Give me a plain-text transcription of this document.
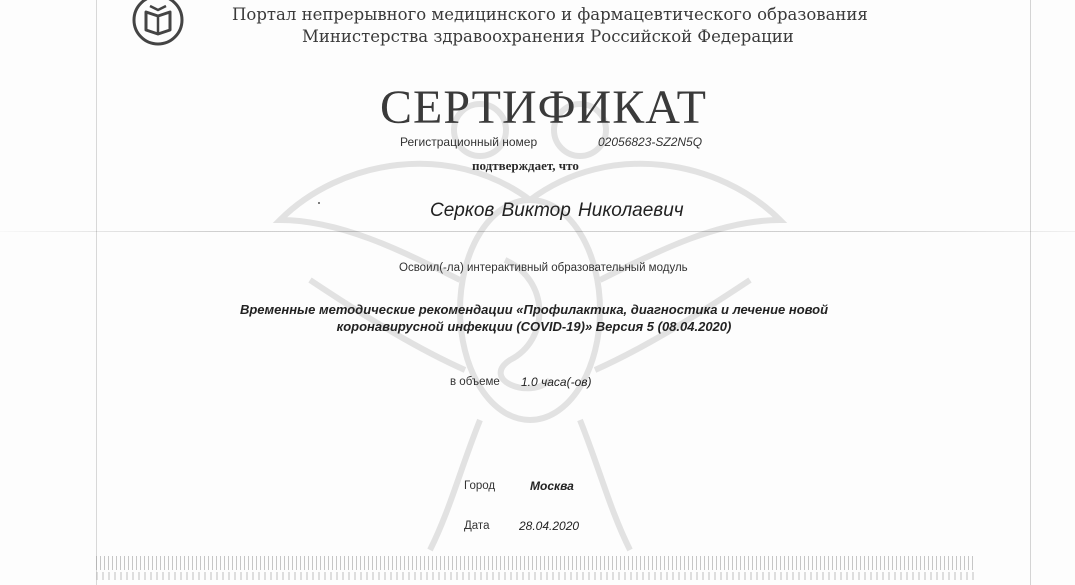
Портал непрерывного медицинского и фармацевтического образования
Министерства здравоохранения Российской Федерации
СЕРТИФИКАТ
Регистрационный номер	02056823-SZ2N5Q
подтверждает, что
Серков Виктор Николаевич
Освоил(-ла) интерактивный образовательный модуль
Временные методические рекомендации «Профилактика, диагностика и лечение новой
коронавирусной инфекции (COVID-19)» Версия 5 (08.04.2020)
в объеме 1.0 часа(-ов)
Город	Москва
Дата 28.04.2020
